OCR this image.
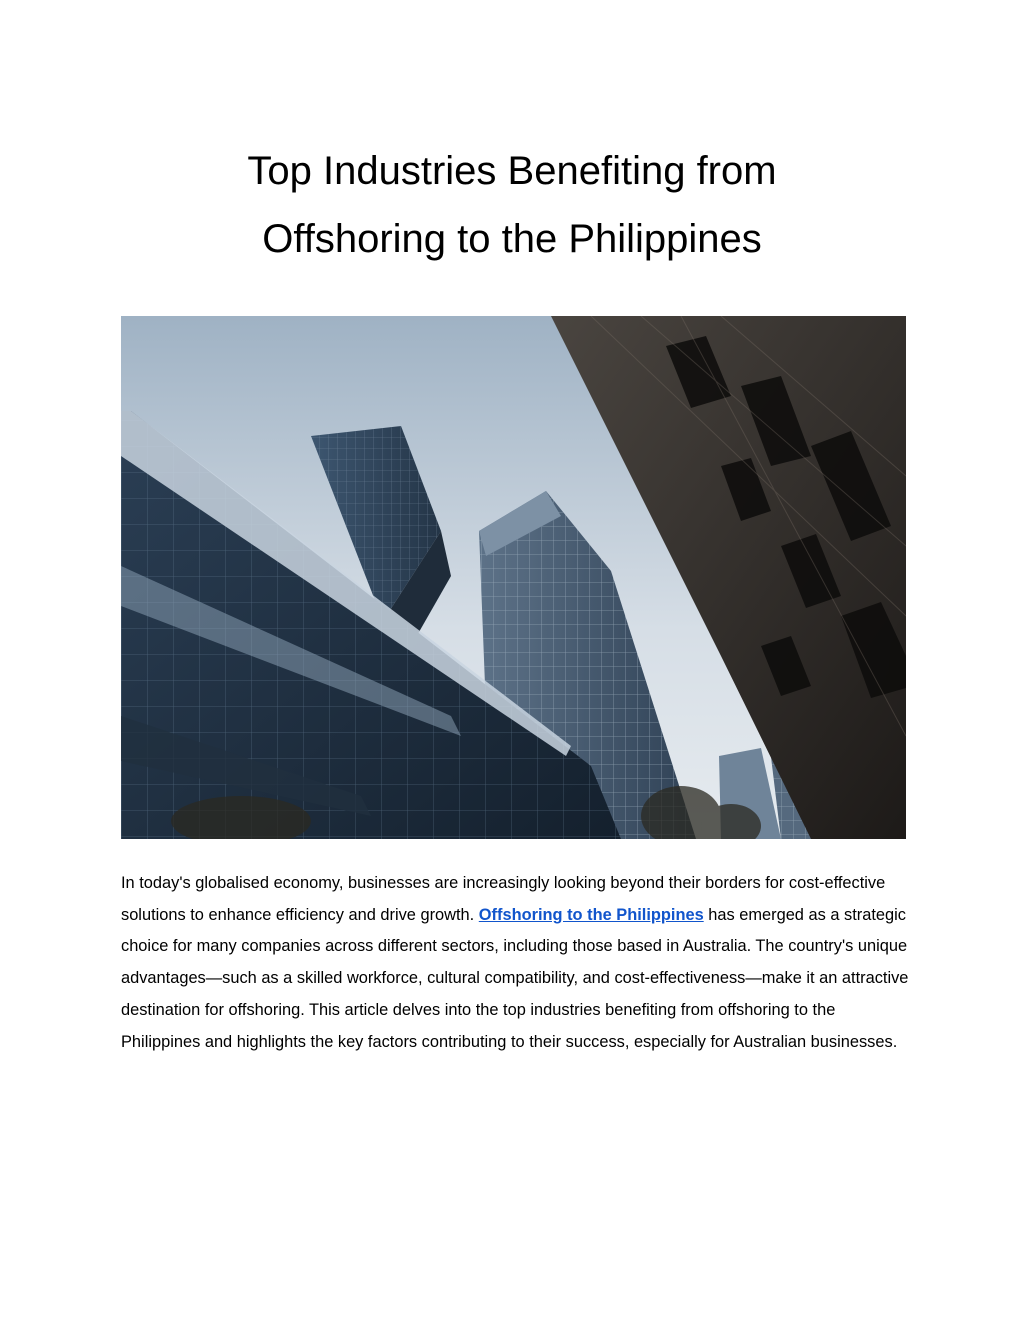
Top Industries Benefiting from
Offshoring to the Philippines

In today's globalised economy, businesses are increasingly looking beyond their borders for cost-effective solutions to enhance efficiency and drive growth. Offshoring to the Philippines has emerged as a strategic choice for many companies across different sectors, including those based in Australia. The country's unique advantages—such as a skilled workforce, cultural compatibility, and cost-effectiveness—make it an attractive destination for offshoring. This article delves into the top industries benefiting from offshoring to the Philippines and highlights the key factors contributing to their success, especially for Australian businesses.
